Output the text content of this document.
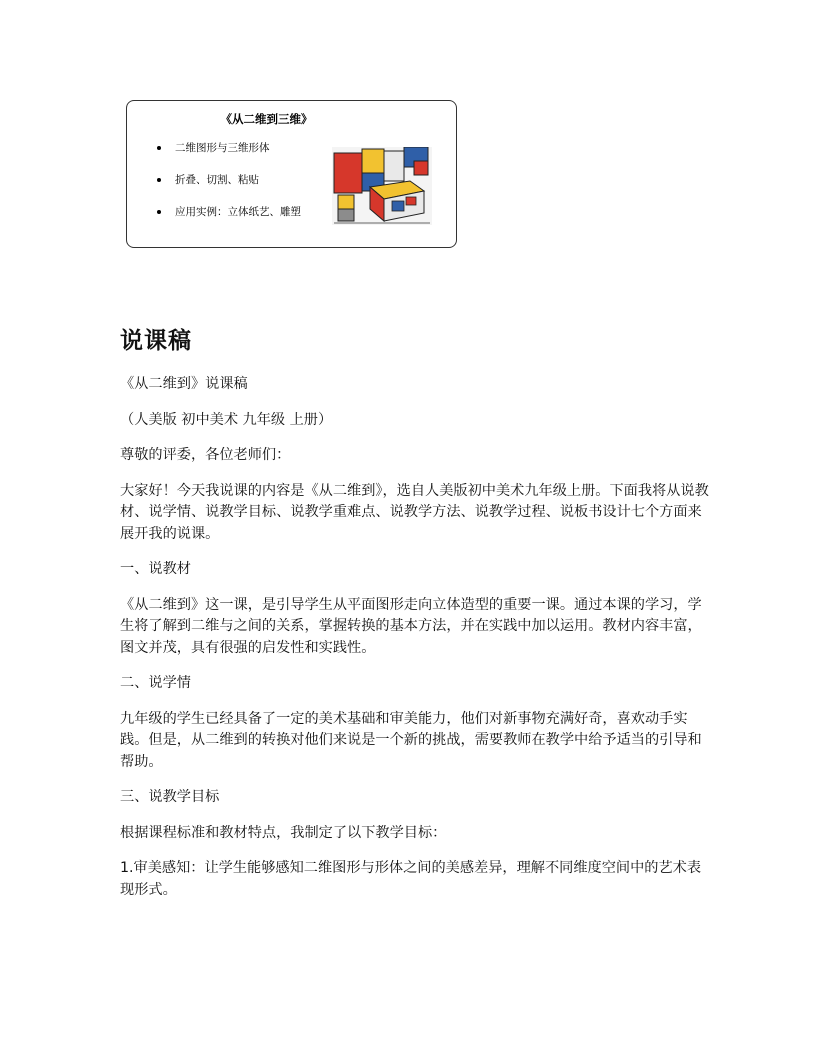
《从二维到三维》
二维图形与三维形体
折叠、切割、粘贴
应用实例：立体纸艺、雕塑
说课稿

《从二维到》说课稿

（人美版 初中美术 九年级 上册）

尊敬的评委，各位老师们：

大家好！今天我说课的内容是《从二维到》，选自人美版初中美术九年级上册。下面我将从说教材、说学情、说教学目标、说教学重难点、说教学方法、说教学过程、说板书设计七个方面来展开我的说课。

一、说教材

《从二维到》这一课，是引导学生从平面图形走向立体造型的重要一课。通过本课的学习，学生将了解到二维与之间的关系，掌握转换的基本方法，并在实践中加以运用。教材内容丰富，图文并茂，具有很强的启发性和实践性。

二、说学情

九年级的学生已经具备了一定的美术基础和审美能力，他们对新事物充满好奇，喜欢动手实践。但是，从二维到的转换对他们来说是一个新的挑战，需要教师在教学中给予适当的引导和帮助。

三、说教学目标

根据课程标准和教材特点，我制定了以下教学目标：

1.审美感知：让学生能够感知二维图形与形体之间的美感差异，理解不同维度空间中的艺术表现形式。
